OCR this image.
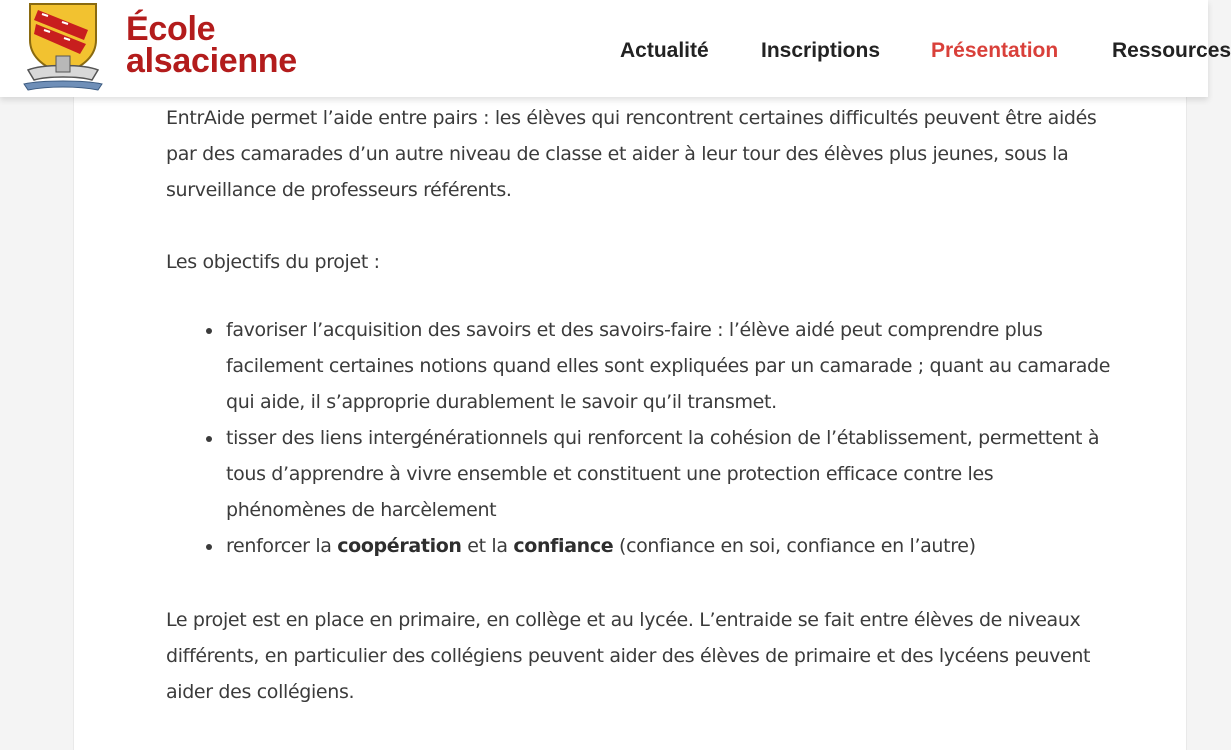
École
alsacienne	Actualité Inscriptions Présentation	Ressources

EntrAide permet l’aide entre pairs : les élèves qui rencontrent certaines difficultés peuvent être aidés par des camarades d’un autre niveau de classe et aider à leur tour des élèves plus jeunes, sous la surveillance de professeurs référents.

Les objectifs du projet :

favoriser l’acquisition des savoirs et des savoirs-faire : l’élève aidé peut comprendre plus facilement certaines notions quand elles sont expliquées par un camarade ; quant au camarade qui aide, il s’approprie durablement le savoir qu’il transmet.
tisser des liens intergénérationnels qui renforcent la cohésion de l’établissement, permettent à tous d’apprendre à vivre ensemble et constituent une protection efficace contre les phénomènes de harcèlement
renforcer la coopération et la confiance (confiance en soi, confiance en l’autre)

Le projet est en place en primaire, en collège et au lycée. L’entraide se fait entre élèves de niveaux différents, en particulier des collégiens peuvent aider des élèves de primaire et des lycéens peuvent aider des collégiens.
